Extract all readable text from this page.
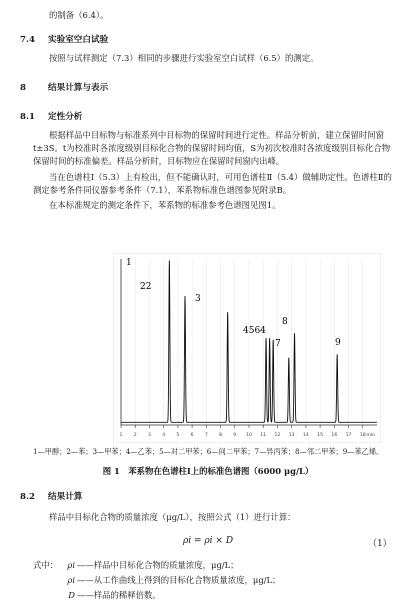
的制备（6.4）。
7.4 实验室空白试验
按照与试样测定（7.3）相同的步骤进行实验室空白试样（6.5）的测定。
8	结果计算与表示
8.1 定性分析

根据样品中目标物与标准系列中目标物的保留时间进行定性。样品分析前，建立保留时间窗t±3S。t为校准时各浓度级别目标化合物的保留时间均值，S为初次校准时各浓度级别目标化合物保留时间的标准偏差。样品分析时，目标物应在保留时间窗内出峰。

当在色谱柱Ⅰ（5.3）上有检出，但不能确认时，可用色谱柱Ⅱ（5.4）做辅助定性。色谱柱Ⅱ的测定参考条件同仪器参考条件（7.1），苯系物标准色谱图参见附录B。

在本标准规定的测定条件下，苯系物的标准参考色谱图见图1。

1 2 3 4 5 6 7 8 9 10 11 12 13 14 15 16 17 18 min
1
22
3
4564
7
8
9
1—甲醇；2—苯；3—甲苯；4—乙苯；5—对二甲苯；6—间二甲苯；7—异丙苯；8—邻二甲苯；9—苯乙烯。
图 1　苯系物在色谱柱Ⅰ上的标准色谱图（6000 μg/L）
8.2 结果计算
样品中目标化合物的质量浓度（μg/L），按照公式（1）进行计算：
ρi = ρi × D	（1）
式中： ρi ——样品中目标化合物的质量浓度，μg/L；
ρi ——从工作曲线上得到的目标化合物质量浓度，μg/L；
D ——样品的稀释倍数。
